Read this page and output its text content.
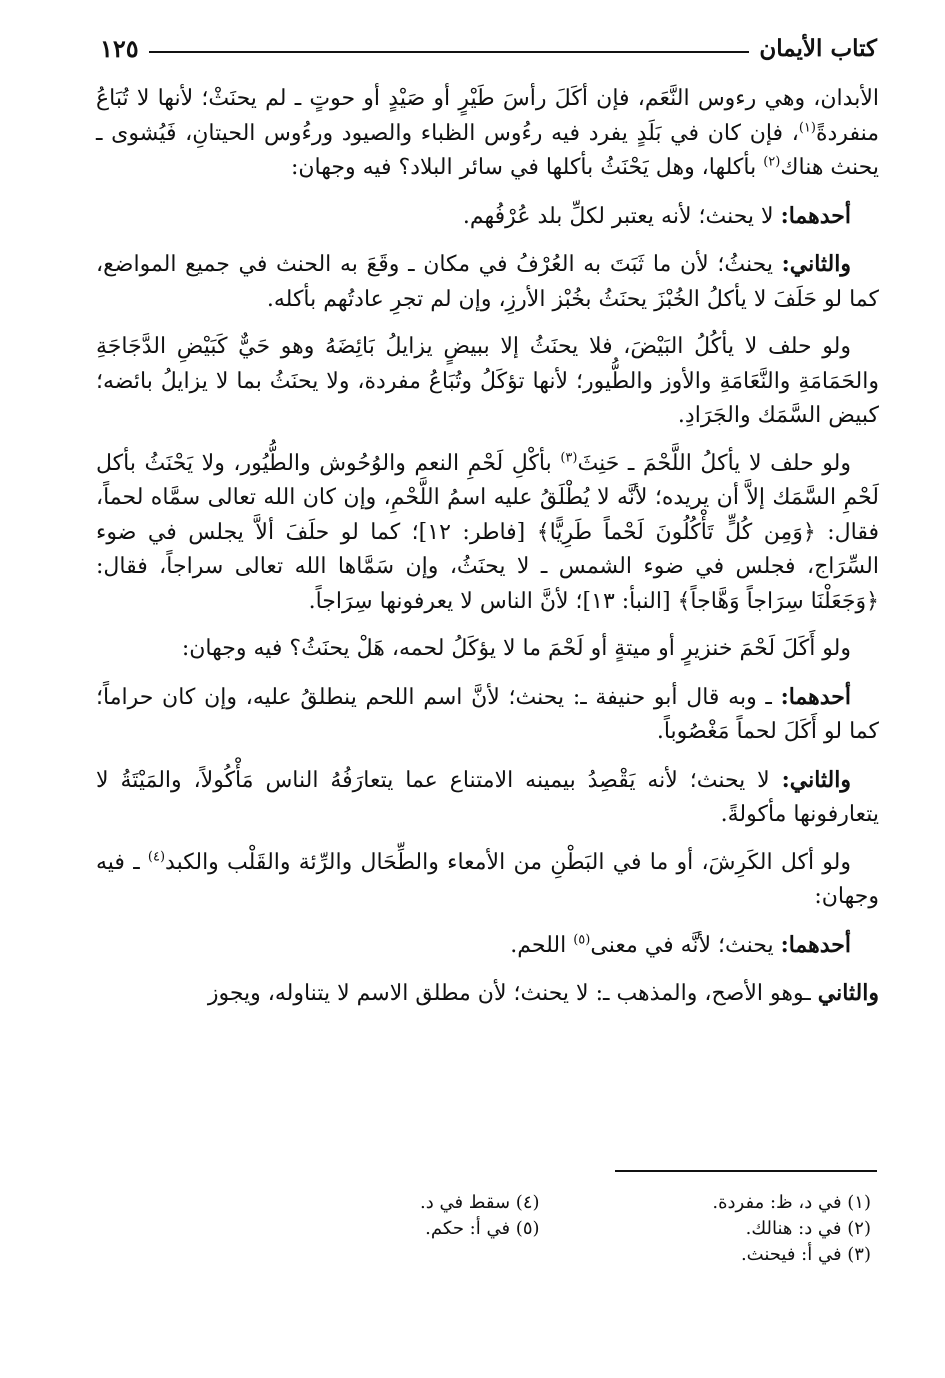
كتاب الأيمان
١٢٥

الأبدان، وهي رءوس النَّعَم، فإن أكَلَ رأسَ طَيْرٍ أو صَيْدٍ أو حوتٍ ـ لم يحنَثْ؛ لأنها لا تُبَاعُ منفردةً$^{(١)}$، فإن كان في بَلَدٍ يفرد فيه رءُوس الظباء والصيود ورءُوس الحيتانِ، فَيُشوى ـ يحنث هناك$^{(٢)}$ بأكلها، وهل يَحْنَثُ بأكلها في سائر البلاد؟ فيه وجهان:

أحدهما: لا يحنث؛ لأنه يعتبر لكلِّ بلد عُرْفُهم.

والثاني: يحنثُ؛ لأن ما ثَبَتَ به العُرْفُ في مكان ـ وقَعَ به الحنث في جميع المواضع، كما لو حَلَفَ لا يأكلُ الخُبْزَ يحنَثُ بخُبْز الأرزِ، وإن لم تجرِ عادتُهم بأكله.

ولو حلف لا يأكُلُ البَيْضَ، فلا يحنَثُ إلا ببيضٍ يزايلُ بَائِضَهُ وهو حَيٌّ كَبَيْضِ الدَّجَاجَةِ والحَمَامَةِ والنَّعَامَةِ والأوز والطُّيور؛ لأنها تؤكَلُ وتُبَاعُ مفردة، ولا يحنَثُ بما لا يزايلُ بائضه؛ كبيض السَّمَك والجَرَادِ.

ولو حلف لا يأكلُ اللَّحْمَ ـ حَنِثَ$^{(٣)}$ بأكْلِ لَحْمِ النعم والوُحُوش والطُّيُور، ولا يَحْنَثُ بأكل لَحْمِ السَّمَك إلاَّ أن يريده؛ لأنَّه لا يُطْلَقُ عليه اسمُ اللَّحْمِ، وإن كان الله تعالى سمَّاه لحماً، فقال: ﴿وَمِن كُلٍّ تَأْكُلُونَ لَحْماً طَرِيًّا﴾ [فاطر: ١٢]؛ كما لو حلَفَ ألاَّ يجلس في ضوء السِّرَاج، فجلس في ضوء الشمس ـ لا يحنَثُ، وإن سَمَّاها الله تعالى سراجاً، فقال: ﴿وَجَعَلْنَا سِرَاجاً وَهَّاجاً﴾ [النبأ: ١٣]؛ لأنَّ الناس لا يعرفونها سِرَاجاً.

ولو أَكَلَ لَحْمَ خنزيرٍ أو ميتةٍ أو لَحْمَ ما لا يؤكَلُ لحمه، هَلْ يحنَثُ؟ فيه وجهان:

أحدهما: ـ وبه قال أبو حنيفة ـ: يحنث؛ لأنَّ اسم اللحم ينطلقُ عليه، وإن كان حراماً؛ كما لو أَكَلَ لحماً مَغْصُوباً.

والثاني: لا يحنث؛ لأنه يَقْصِدُ بيمينه الامتناع عما يتعارَفُهُ الناس مَأْكُولاً، والمَيْتَةُ لا يتعارفونها مأكولةً.

ولو أكل الكَرِشَ، أو ما في البَطْنِ من الأمعاء والطِّحَال والرِّئة والقَلْب والكبد$^{(٤)}$ ـ فيه وجهان:

أحدهما: يحنث؛ لأنَّه في معنى$^{(٥)}$ اللحم.

والثاني ـوهو الأصح، والمذهب ـ: لا يحنث؛ لأن مطلق الاسم لا يتناوله، ويجوز

(١) في د، ظ: مفردة.
(٢) في د: هنالك.
(٣) في أ: فيحنث.
(٤) سقط في د.
(٥) في أ: حكم.
